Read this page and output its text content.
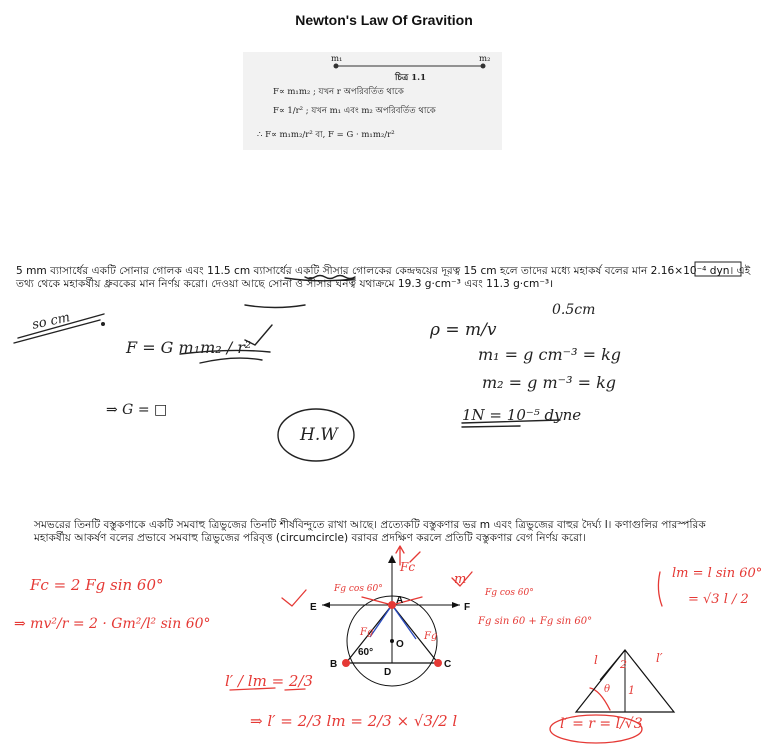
Newton's Law Of Gravition
m₁	m₂
চিত্র 1.1
F∝ m₁m₂ ; যখন r অপরিবর্তিত থাকে
F∝ 1/r² ; যখন m₁ এবং m₂ অপরিবর্তিত থাকে
∴ F∝ m₁m₂/r² বা, F = G · m₁m₂/r²
5 mm ব্যাসার্ধের একটি সোনার গোলক এবং 11.5 cm ব্যাসার্ধের একটি সীসার গোলকের কেন্দ্রদ্বয়ের দূরত্ব 15 cm হলে তাদের মধ্যে মহাকর্ষ বলের মান 2.16×10⁻⁴ dyn। এই তথ্য থেকে মহাকর্ষীয় ধ্রুবকের মান নির্ণয় করো। দেওয়া আছে সোনা ও সীসার ঘনত্ব যথাক্রমে 19.3 g·cm⁻³ এবং 11.3 g·cm⁻³।
so cm
F = G m₁m₂ / r²
⇒ G = □
H.W
0.5cm
ρ = m/v
m₁ = g cm⁻³ = kg
m₂ = g m⁻³ = kg
1N = 10⁻⁵ dyne
সমভরের তিনটি বস্তুকণাকে একটি সমবাহু ত্রিভুজের তিনটি শীর্ষবিন্দুতে রাখা আছে। প্রত্যেকটি বস্তুকণার ভর m এবং ত্রিভুজের বাহুর দৈর্ঘ্য l। কণাগুলির পারস্পরিক মহাকর্ষীয় আকর্ষণ বলের প্রভাবে সমবাহু ত্রিভুজের পরিবৃত্ত (circumcircle) বরাবর প্রদক্ষিণ করলে প্রতিটি বস্তুকণার বেগ নির্ণয় করো।
Fc = 2 Fg sin 60°
⇒ mv²/r = 2 · Gm²/l² sin 60°
l′ / lm = 2/3
⇒ l′ = 2/3 lm = 2/3 × √3/2 l	l′ = r = l/√3
lm = l sin 60°
= √3 l / 2
Fc
m
Fg cos 60°	Fg cos 60°
Fg sin 60 + Fg sin 60°
E	F
A
B	C
D
O
60°
Fg	Fg
2
1
θ
l′
l
